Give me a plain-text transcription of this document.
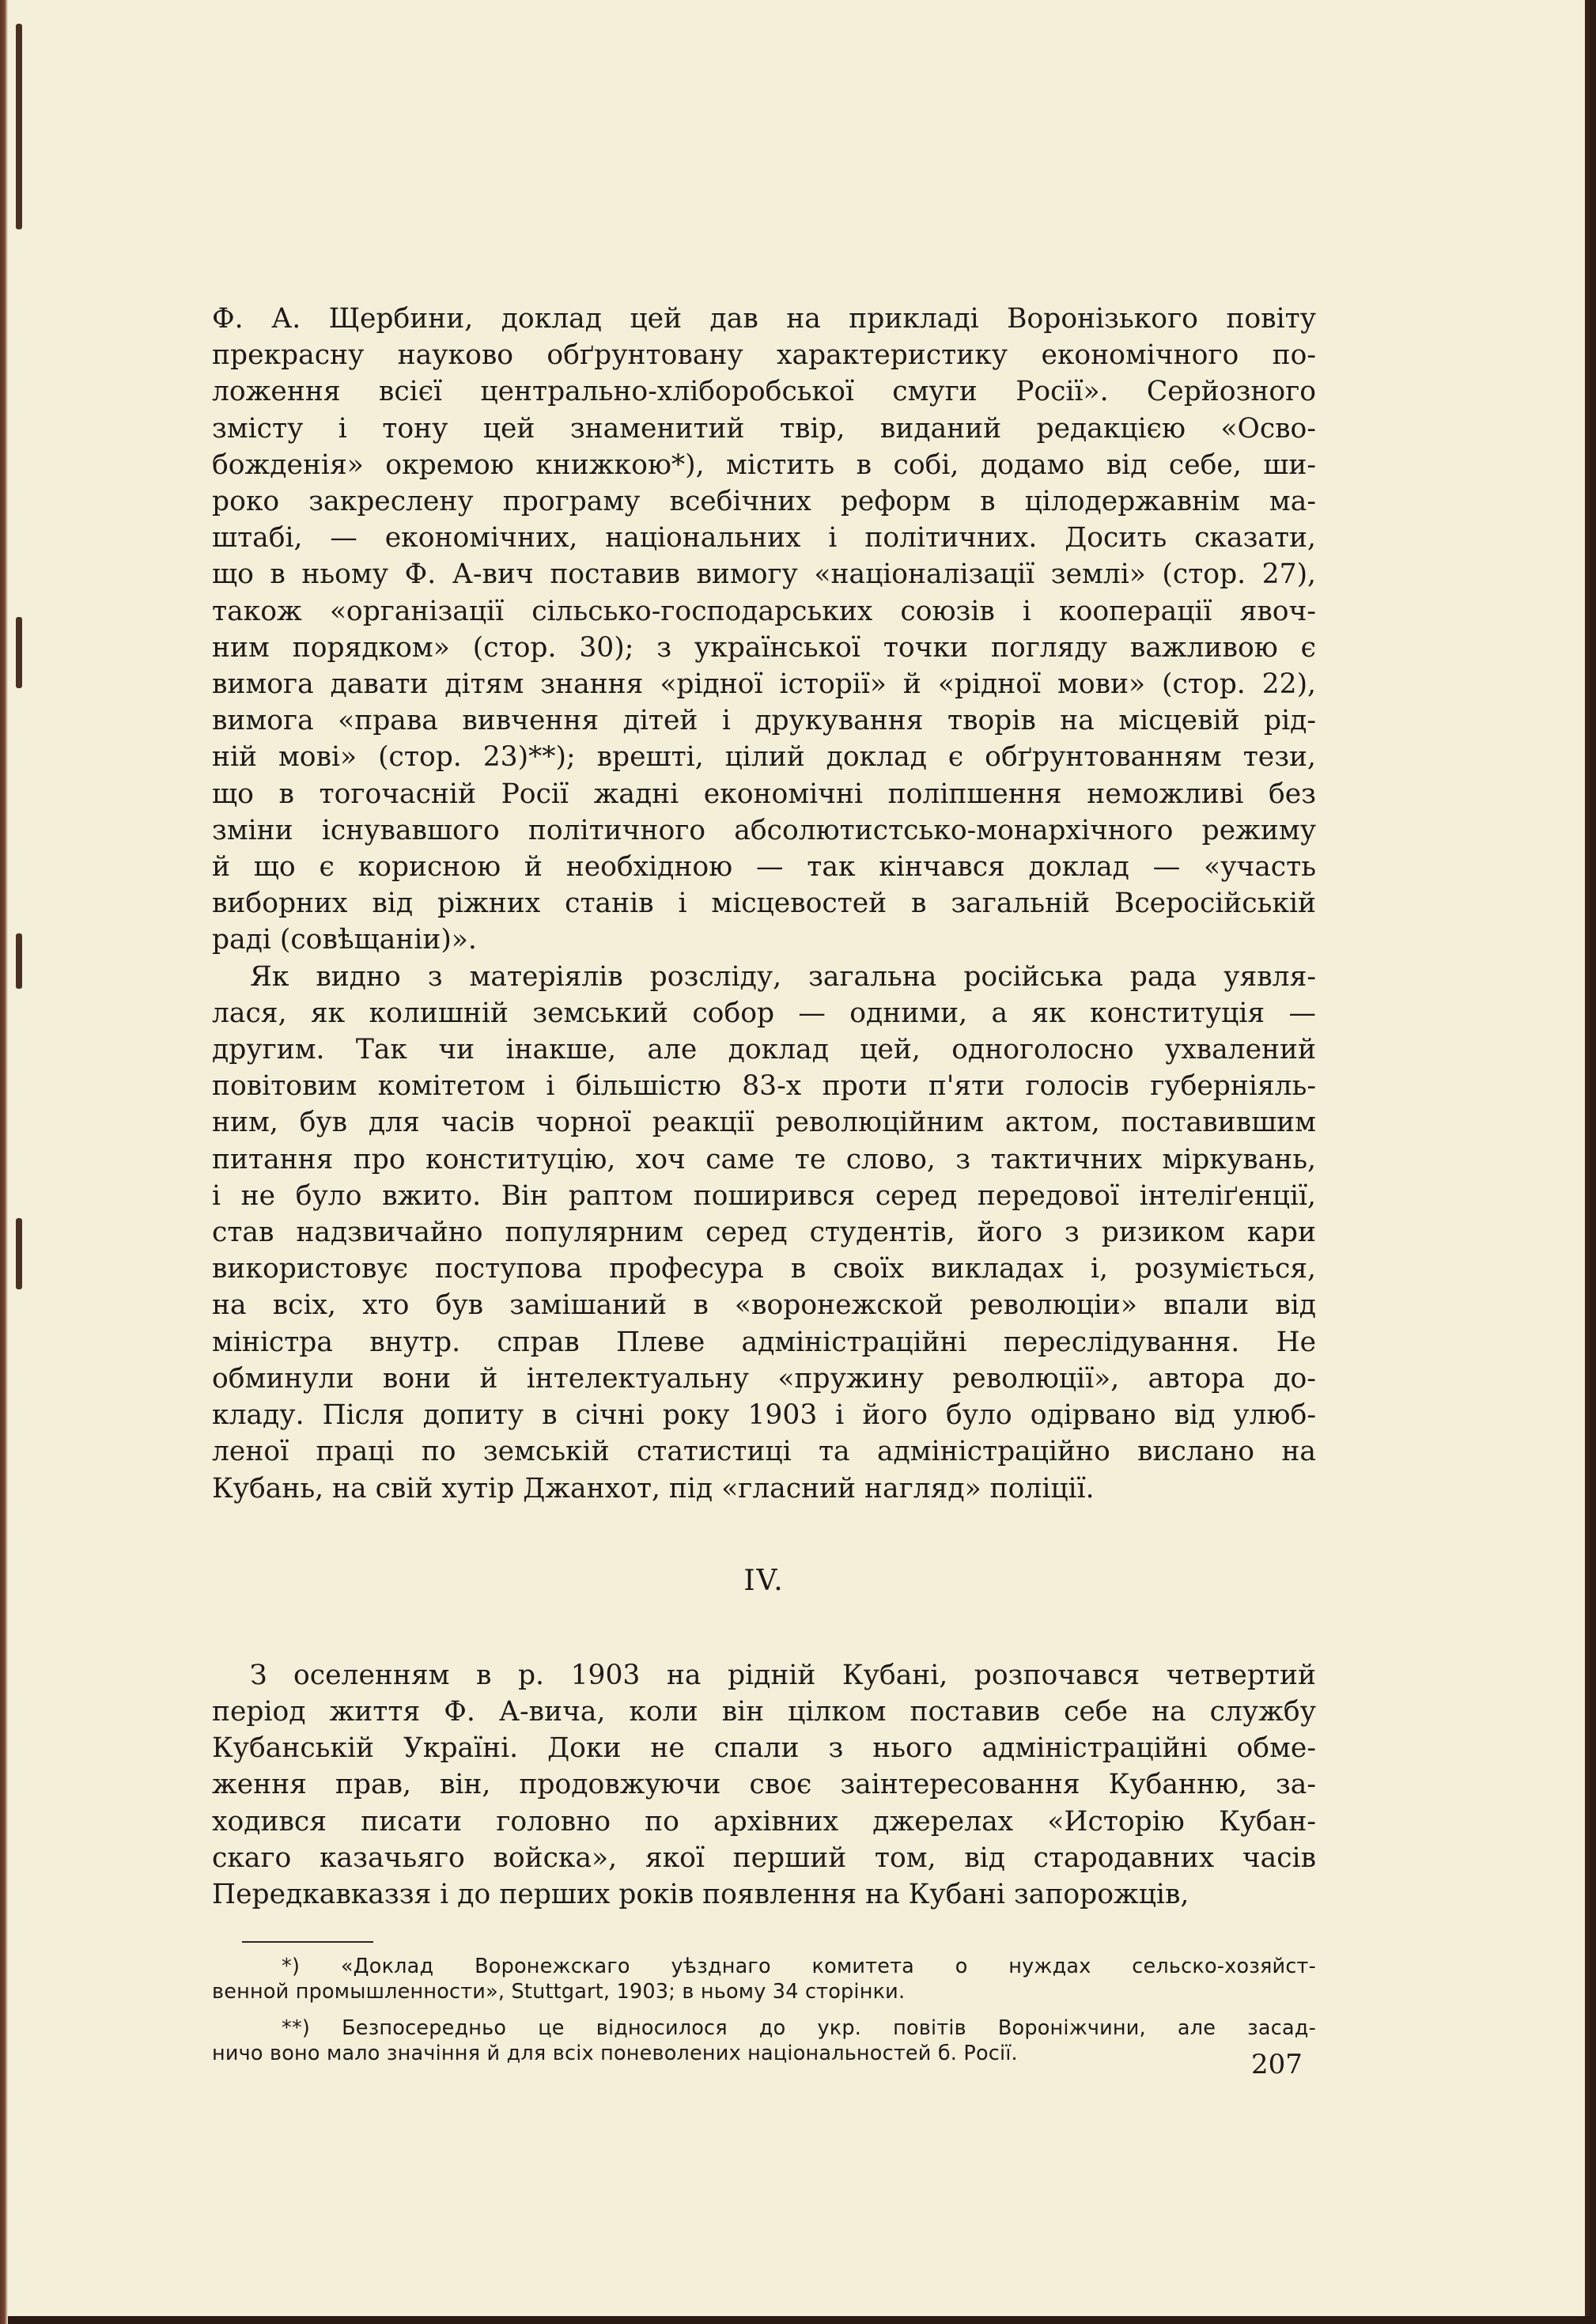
Ф. А. Щербини, доклад цей дав на прикладі Воронізького повіту
прекрасну науково обґрунтовану характеристику економічного по-
ложення всієї центрально-хліборобської смуги Росії». Серйозного
змісту і тону цей знаменитий твір, виданий редакцією «Осво-
божденія» окремою книжкою*), містить в собі, додамо від себе, ши-
роко закреслену програму всебічних реформ в цілодержавнім ма-
штабі, — економічних, національних і політичних. Досить сказати,
що в ньому Ф. А-вич поставив вимогу «націоналізації землі» (стор. 27),
також «організації сільсько-господарських союзів і кооперації явоч-
ним порядком» (стор. 30); з української точки погляду важливою є
вимога давати дітям знання «рідної історії» й «рідної мови» (стор. 22),
вимога «права вивчення дітей і друкування творів на місцевій рід-
ній мові» (стор. 23)**); врешті, цілий доклад є обґрунтованням тези,
що в тогочасній Росії жадні економічні поліпшення неможливі без
зміни існувавшого політичного абсолютистсько-монархічного режиму
й що є корисною й необхідною — так кінчався доклад — «участь
виборних від ріжних станів і місцевостей в загальній Всеросійській
раді (совѣщаніи)».

Як видно з матеріялів розсліду, загальна російська рада уявля-
лася, як колишній земський собор — одними, а як конституція —
другим. Так чи інакше, але доклад цей, одноголосно ухвалений
повітовим комітетом і більшістю 83-х проти п'яти голосів губерніяль-
ним, був для часів чорної реакції революційним актом, поставившим
питання про конституцію, хоч саме те слово, з тактичних міркувань,
і не було вжито. Він раптом поширився серед передової інтеліґенції,
став надзвичайно популярним серед студентів, його з ризиком кари
використовує поступова професура в своїх викладах і, розуміється,
на всіх, хто був замішаний в «воронежской революціи» впали від
міністра внутр. справ Плеве адміністраційні переслідування. Не
обминули вони й інтелектуальну «пружину революції», автора до-
кладу. Після допиту в січні року 1903 і його було одірвано від улюб-
леної праці по земській статистиці та адміністраційно вислано на
Кубань, на свій хутір Джанхот, під «гласний нагляд» поліції.

IV.

З оселенням в р. 1903 на рідній Кубані, розпочався четвертий
період життя Ф. А-вича, коли він цілком поставив себе на службу
Кубанській Україні. Доки не спали з нього адміністраційні обме-
ження прав, він, продовжуючи своє заінтересовання Кубанню, за-
ходився писати головно по архівних джерелах «Исторію Кубан-
скаго казачьяго войска», якої перший том, від стародавних часів
Передкавказзя і до перших років появлення на Кубані запорожців,

*) «Доклад Воронежскаго уѣзднаго комитета о нуждах сельско-хозяйст-
венной промышленности», Stuttgart, 1903; в ньому 34 сторінки.

**) Безпосередньо це відносилося до укр. повітів Вороніжчини, але засад-
ничо воно мало значіння й для всіх поневолених національностей б. Росії.	207
